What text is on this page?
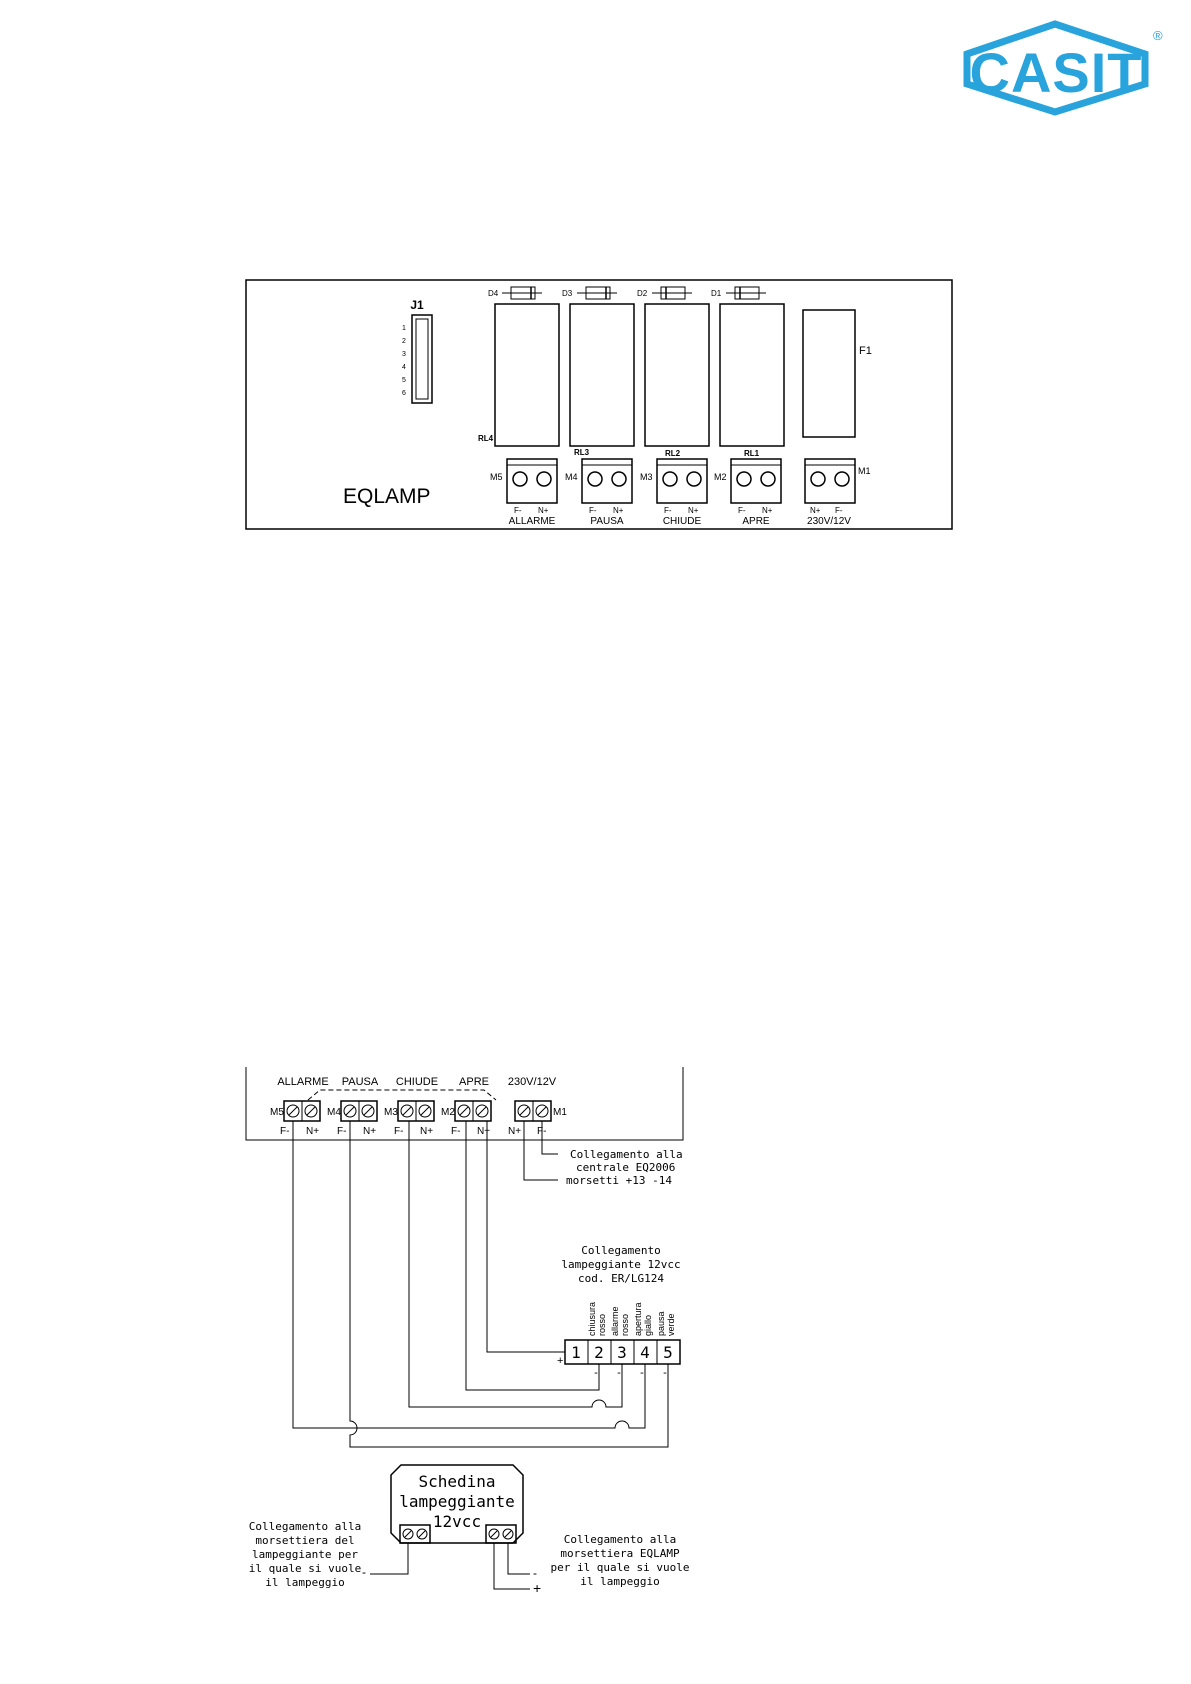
CASIT
®
J1
1
2
3
4
5
6
D4	D3	D2	D1
RL4
RL3	RL2	RL1
F1
M5
F- N+
ALLARME
M4
F- N+
PAUSA
M3
F- N+
CHIUDE
M2
F- N+
APRE
M1
N+ F-
230V/12V
EQLAMP
ALLARME PAUSA CHIUDE APRE 230V/12V
M5	M4	M3	M2	M1
F- N+ F- N+ F- N+ F- N+ N+ F-
Collegamento alla
centrale EQ2006
morsetti +13 -14
Collegamento
lampeggiante 12vcc
cod. ER/LG124
1 2 3 4 5
chiusura rosso allarme rosso apertura giallo pausa verde
+
- - - -
Schedina
lampeggiante
12vcc
-	-
+
Collegamento alla
morsettiera del
lampeggiante per
il quale si vuole
il lampeggio
Collegamento alla
morsettiera EQLAMP
per il quale si vuole
il lampeggio
